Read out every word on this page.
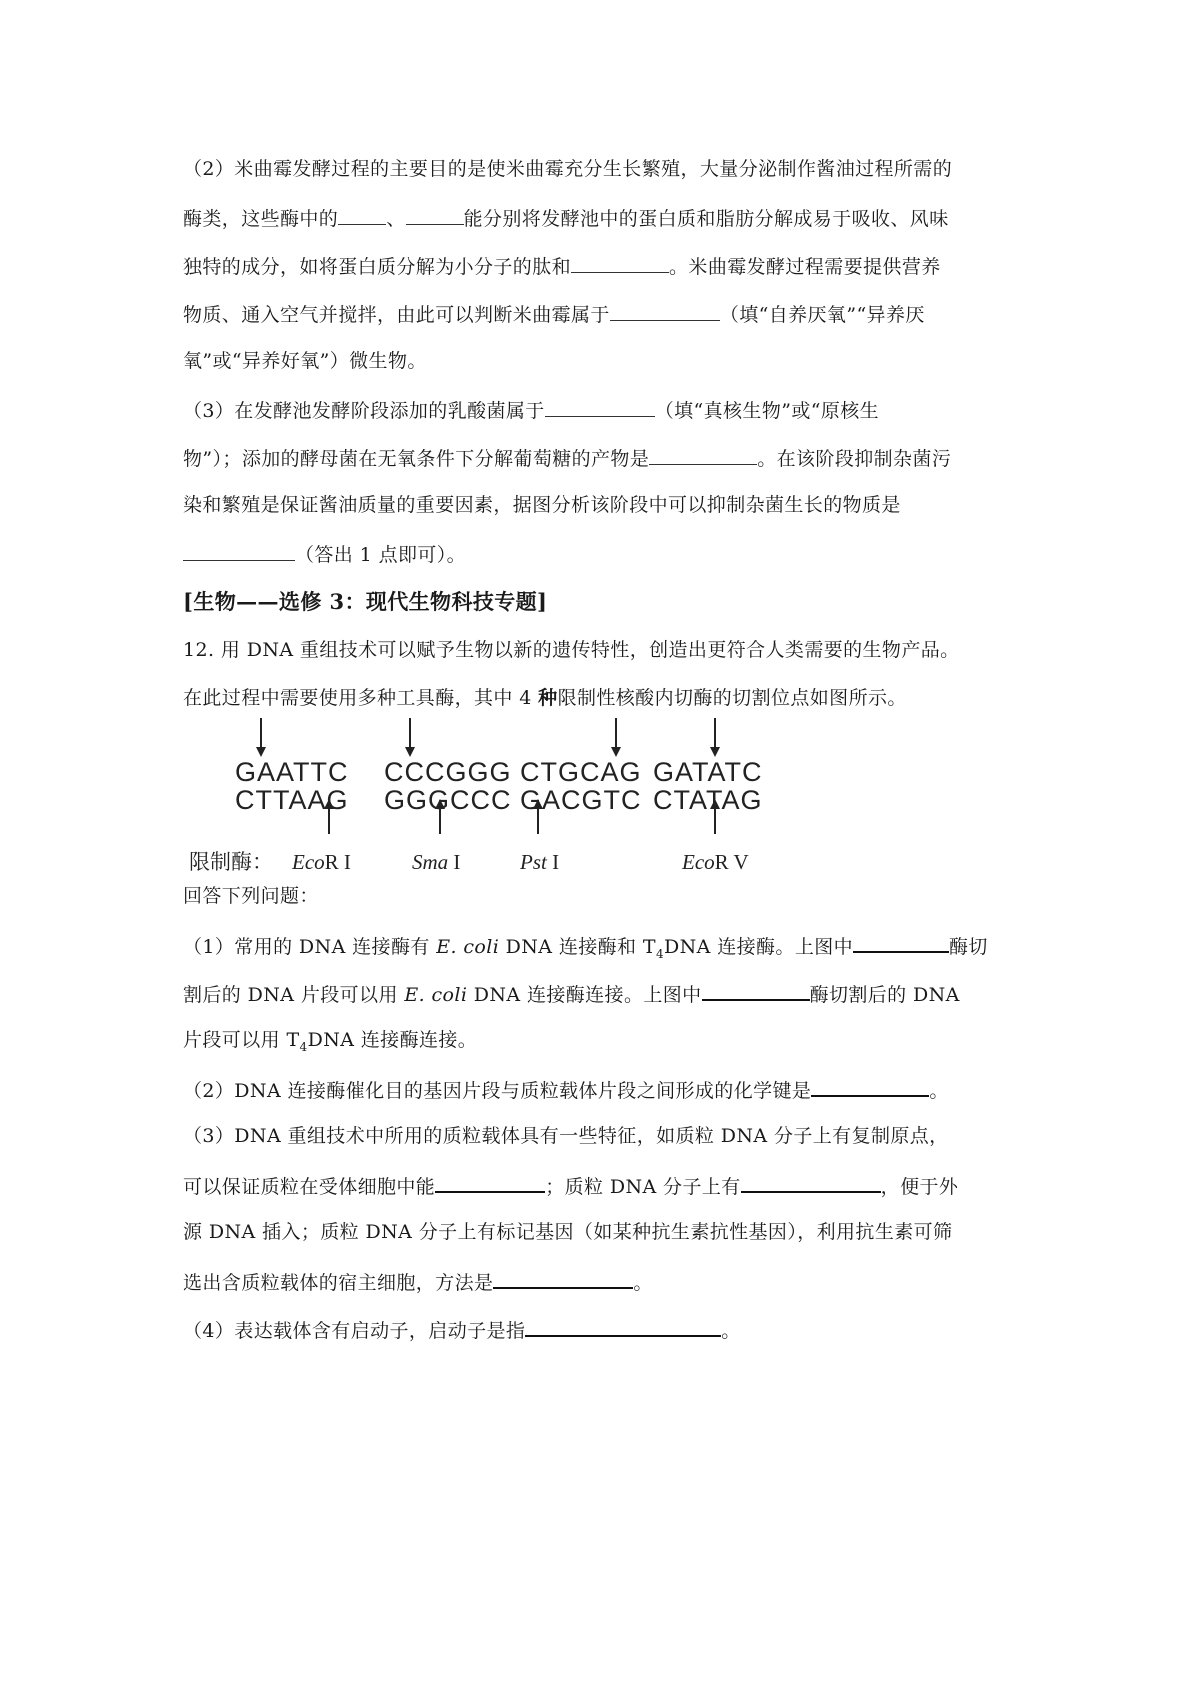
（2）米曲霉发酵过程的主要目的是使米曲霉充分生长繁殖，大量分泌制作酱油过程所需的
酶类，这些酶中的	、	能分别将发酵池中的蛋白质和脂肪分解成易于吸收、风味
独特的成分，如将蛋白质分解为小分子的肽和	。米曲霉发酵过程需要提供营养
物质、通入空气并搅拌，由此可以判断米曲霉属于	（填“自养厌氧”“异养厌
氧”或“异养好氧”）微生物。
（3）在发酵池发酵阶段添加的乳酸菌属于	（填“真核生物”或“原核生
物”）；添加的酵母菌在无氧条件下分解葡萄糖的产物是	。在该阶段抑制杂菌污
染和繁殖是保证酱油质量的重要因素，据图分析该阶段中可以抑制杂菌生长的物质是
（答出 1 点即可）。
[生物——选修 3：现代生物科技专题]
12. 用 DNA 重组技术可以赋予生物以新的遗传特性，创造出更符合人类需要的生物产品。
在此过程中需要使用多种工具酶，其中 4 种限制性核酸内切酶的切割位点如图所示。
GAATTC
CTTAAG
CCCGGG
GGGCCC
CTGCAG
GACGTC
GATATC
CTATAG
限制酶： EcoR I	Sma I	Pst I	EcoR V
回答下列问题：
（1）常用的 DNA 连接酶有 E. coli DNA 连接酶和 $T_4DNA$ 连接酶。上图中	酶切
割后的 DNA 片段可以用 E. coli DNA 连接酶连接。上图中	酶切割后的 DNA
片段可以用 $T_4DNA$ 连接酶连接。
（2）DNA 连接酶催化目的基因片段与质粒载体片段之间形成的化学键是	。
（3）DNA 重组技术中所用的质粒载体具有一些特征，如质粒 DNA 分子上有复制原点，
可以保证质粒在受体细胞中能	；质粒 DNA 分子上有	，便于外
源 DNA 插入；质粒 DNA 分子上有标记基因（如某种抗生素抗性基因），利用抗生素可筛
选出含质粒载体的宿主细胞，方法是	。
（4）表达载体含有启动子，启动子是指	。
